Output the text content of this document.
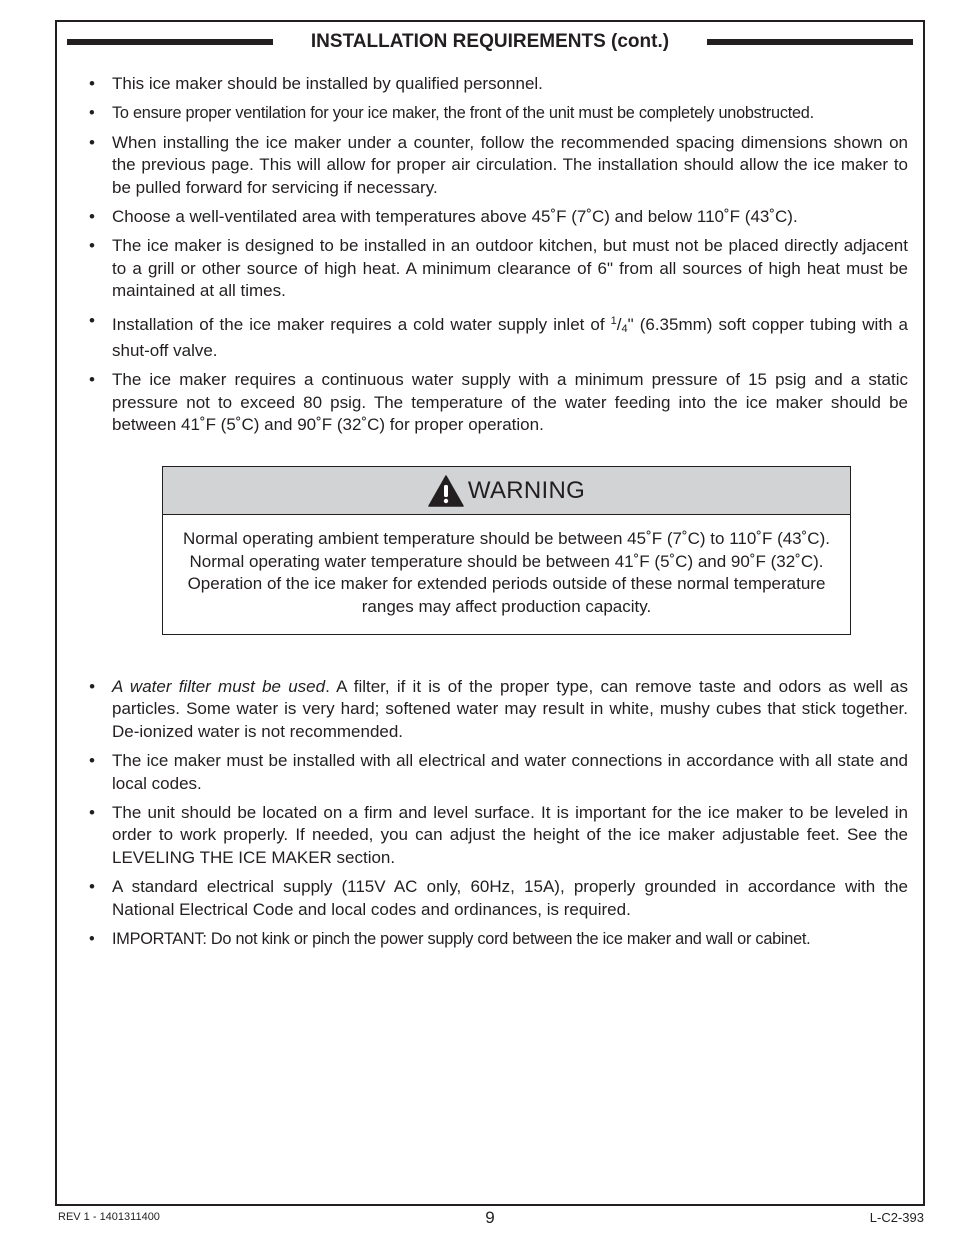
INSTALLATION REQUIREMENTS (cont.)
• This ice maker should be installed by qualified personnel.
• To ensure proper ventilation for your ice maker, the front of the unit must be completely unobstructed.
• When installing the ice maker under a counter, follow the recommended spacing dimensions shown on the previous page. This will allow for proper air circulation. The installation should allow the ice maker to be pulled forward for servicing if necessary.
• Choose a well-ventilated area with temperatures above 45˚F (7˚C) and below 110˚F (43˚C).
• The ice maker is designed to be installed in an outdoor kitchen, but must not be placed directly adjacent to a grill or other source of high heat. A minimum clearance of 6" from all sources of high heat must be maintained at all times.
• Installation of the ice maker requires a cold water supply inlet of $^1/_4$" (6.35mm) soft copper tubing with a shut-off valve.
• The ice maker requires a continuous water supply with a minimum pressure of 15 psig and a static pressure not to exceed 80 psig. The temperature of the water feeding into the ice maker should be between 41˚F (5˚C) and 90˚F (32˚C) for proper operation.
WARNING
Normal operating ambient temperature should be between 45˚F (7˚C) to 110˚F (43˚C). Normal operating water temperature should be between 41˚F (5˚C) and 90˚F (32˚C). Operation of the ice maker for extended periods outside of these normal temperature ranges may affect production capacity.
• A water filter must be used. A filter, if it is of the proper type, can remove taste and odors as well as particles. Some water is very hard; softened water may result in white, mushy cubes that stick together. De-ionized water is not recommended.
• The ice maker must be installed with all electrical and water connections in accordance with all state and local codes.
• The unit should be located on a firm and level surface. It is important for the ice maker to be leveled in order to work properly. If needed, you can adjust the height of the ice maker adjustable feet. See the LEVELING THE ICE MAKER section.
• A standard electrical supply (115V AC only, 60Hz, 15A), properly grounded in accordance with the National Electrical Code and local codes and ordinances, is required.
• IMPORTANT: Do not kink or pinch the power supply cord between the ice maker and wall or cabinet.
REV 1 - 1401311400	9	L-C2-393
